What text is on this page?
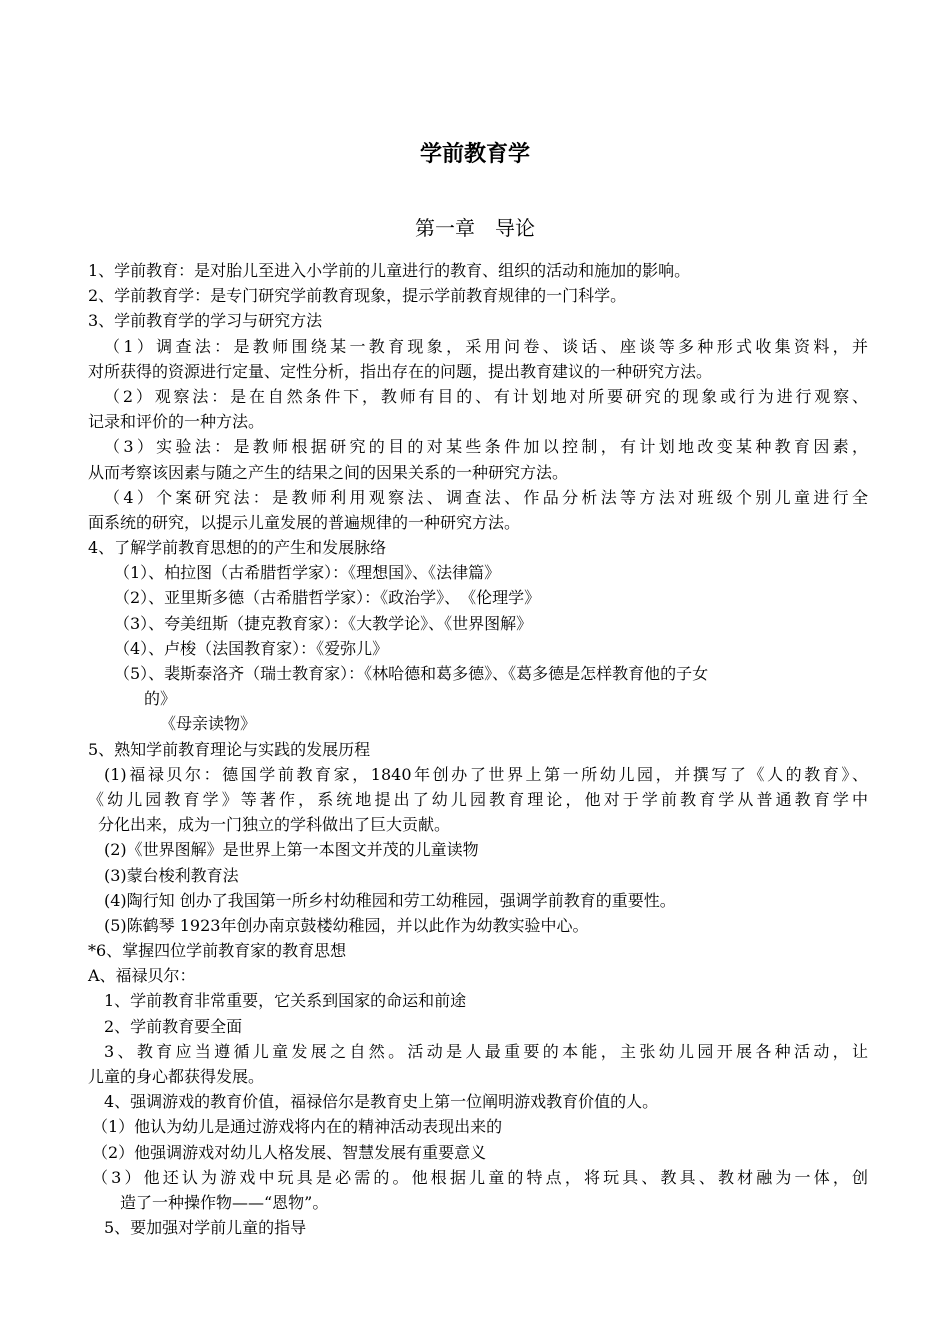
学前教育学
第一章　导论
1、学前教育：是对胎儿至进入小学前的儿童进行的教育、组织的活动和施加的影响。
2、学前教育学：是专门研究学前教育现象，提示学前教育规律的一门科学。
3、学前教育学的学习与研究方法
（1）调查法：是教师围绕某一教育现象，采用问卷、谈话、座谈等多种形式收集资料，并
对所获得的资源进行定量、定性分析，指出存在的问题，提出教育建议的一种研究方法。
（2）观察法：是在自然条件下，教师有目的、有计划地对所要研究的现象或行为进行观察、
记录和评价的一种方法。
（3）实验法：是教师根据研究的目的对某些条件加以控制，有计划地改变某种教育因素，
从而考察该因素与随之产生的结果之间的因果关系的一种研究方法。
（4）个案研究法：是教师利用观察法、调查法、作品分析法等方法对班级个别儿童进行全
面系统的研究，以提示儿童发展的普遍规律的一种研究方法。
4、了解学前教育思想的的产生和发展脉络
（1）、柏拉图（古希腊哲学家）：《理想国》、《法律篇》
（2）、亚里斯多德（古希腊哲学家）：《政治学》、　《伦理学》
（3）、夸美纽斯（捷克教育家）：《大教学论》、《世界图解》
（4）、卢梭（法国教育家）：《爱弥儿》
（5）、裴斯泰洛齐（瑞士教育家）：《林哈德和葛多德》、《葛多德是怎样教育他的子女
的》
《母亲读物》
5、熟知学前教育理论与实践的发展历程
(1)福禄贝尔：德国学前教育家，1840年创办了世界上第一所幼儿园，并撰写了《人的教育》、
《幼儿园教育学》等著作，系统地提出了幼儿园教育理论，他对于学前教育学从普通教育学中
分化出来，成为一门独立的学科做出了巨大贡献。
(2)《世界图解》是世界上第一本图文并茂的儿童读物
(3)蒙台梭利教育法
(4)陶行知 创办了我国第一所乡村幼稚园和劳工幼稚园，强调学前教育的重要性。
(5)陈鹤琴 1923年创办南京鼓楼幼稚园，并以此作为幼教实验中心。
*6、掌握四位学前教育家的教育思想
A、福禄贝尔：
1、学前教育非常重要，它关系到国家的命运和前途
2、学前教育要全面
3、教育应当遵循儿童发展之自然。活动是人最重要的本能，主张幼儿园开展各种活动，让
儿童的身心都获得发展。
4、强调游戏的教育价值，福禄倍尔是教育史上第一位阐明游戏教育价值的人。
（1）他认为幼儿是通过游戏将内在的精神活动表现出来的
（2）他强调游戏对幼儿人格发展、智慧发展有重要意义
（3）他还认为游戏中玩具是必需的。他根据儿童的特点，将玩具、教具、教材融为一体，创
造了一种操作物——“恩物”。
5、要加强对学前儿童的指导
